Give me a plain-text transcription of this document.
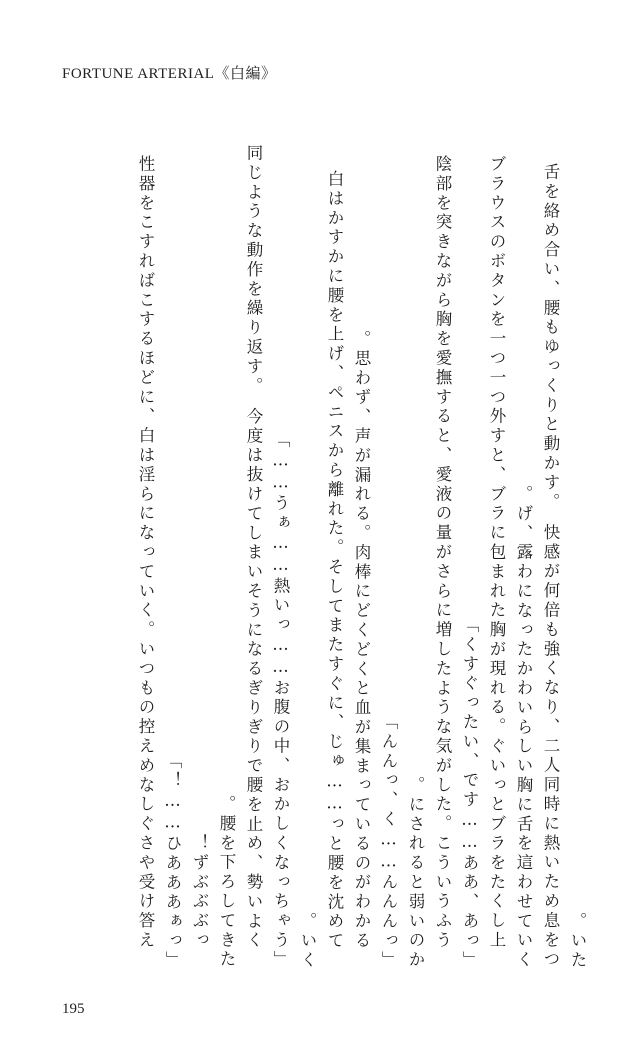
FORTUNE ARTERIAL《白編》
いた。
舌を絡め合い、腰もゆっくりと動かす。　快感が何倍も強くなり、二人同時に熱いため息をつ
げ、露わになったかわいらしい胸に舌を這わせていく。
　ブラウスのボタンを一つ一つ外すと、ブラに包まれた胸が現れる。ぐいっとブラをたくし上
「くすぐったい、です……ああ、あっ」
　陰部を突きながら胸を愛撫すると、愛液の量がさらに増したような気がした。こういうふう
にされると弱いのか。
「んんっ、く……んんんっ」
　思わず、声が漏れる。肉棒にどくどくと血が集まっているのがわかる。
　白はかすかに腰を上げ、ペニスから離れた。そしてまたすぐに、じゅ……っと腰を沈めて
いく。
「うぁ……熱いっ……お腹の中、おかしくなっちゃう……」
　同じような動作を繰り返す。　今度は抜けてしまいそうになるぎりぎりで腰を止め、勢いよく
腰を下ろしてきた。
　ずぶぶぶっ！
「ひあああぁっ……！」
　性器をこすればこするほどに、白は淫らになっていく。いつもの控えめなしぐさや受け答え
195
